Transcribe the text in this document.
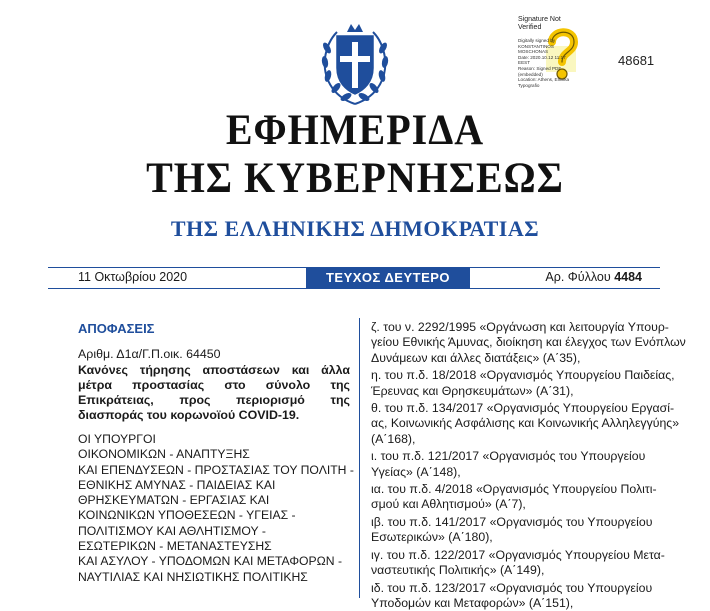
Signature Not
Verified
Digitally signed by
KONSTANTINOS
MOSCHONAS
Date: 2020.10.12 11:17
EEST
Reason: Signed PDF
(embedded)
Location: Athens, Ellinika
Typografio
48681
ΕΦΗΜΕΡΙΔΑ
ΤΗΣ ΚΥΒΕΡΝΗΣΕΩΣ
ΤΗΣ ΕΛΛΗΝΙΚΗΣ ΔΗΜΟΚΡΑΤΙΑΣ
11 Οκτωβρίου 2020	ΤΕΥΧΟΣ ΔΕΥΤΕΡΟ	Αρ. Φύλλου 4484
ΑΠΟΦΑΣΕΙΣ
Αριθμ. Δ1α/Γ.Π.οικ. 64450
Κανόνες τήρησης αποστάσεων και άλλα μέτρα προστασίας στο σύνολο της Επικράτειας, προς περιορισμό της διασποράς του κορωνοϊού COVID-19.
ΟΙ ΥΠΟΥΡΓΟΙ
ΟΙΚΟΝΟΜΙΚΩΝ - ΑΝΑΠΤΥΞΗΣ
ΚΑΙ ΕΠΕΝΔΥΣΕΩΝ - ΠΡΟΣΤΑΣΙΑΣ ΤΟΥ ΠΟΛΙΤΗ -
ΕΘΝΙΚΗΣ ΑΜΥΝΑΣ - ΠΑΙΔΕΙΑΣ ΚΑΙ
ΘΡΗΣΚΕΥΜΑΤΩΝ - ΕΡΓΑΣΙΑΣ ΚΑΙ
ΚΟΙΝΩΝΙΚΩΝ ΥΠΟΘΕΣΕΩΝ - ΥΓΕΙΑΣ -
ΠΟΛΙΤΙΣΜΟΥ ΚΑΙ ΑΘΛΗΤΙΣΜΟΥ -
ΕΣΩΤΕΡΙΚΩΝ - ΜΕΤΑΝΑΣΤΕΥΣΗΣ
ΚΑΙ ΑΣΥΛΟΥ - ΥΠΟΔΟΜΩΝ ΚΑΙ ΜΕΤΑΦΟΡΩΝ -
ΝΑΥΤΙΛΙΑΣ ΚΑΙ ΝΗΣΙΩΤΙΚΗΣ ΠΟΛΙΤΙΚΗΣ
ζ. του ν. 2292/1995 «Οργάνωση και λειτουργία Υπουρ-
γείου Εθνικής Άμυνας, διοίκηση και έλεγχος των Ενόπλων
Δυνάμεων και άλλες διατάξεις» (Α΄35),
η. του π.δ. 18/2018 «Οργανισμός Υπουργείου Παιδείας,
Έρευνας και Θρησκευμάτων» (Α΄31),
θ. του π.δ. 134/2017 «Οργανισμός Υπουργείου Εργασί-
ας, Κοινωνικής Ασφάλισης και Κοινωνικής Αλληλεγγύης»
(Α΄168),
ι. του π.δ. 121/2017 «Οργανισμός του Υπουργείου
Υγείας» (Α΄148),
ια. του π.δ. 4/2018 «Οργανισμός Υπουργείου Πολιτι-
σμού και Αθλητισμού» (Α΄7),
ιβ. του π.δ. 141/2017 «Οργανισμός του Υπουργείου
Εσωτερικών» (Α΄180),
ιγ. του π.δ. 122/2017 «Οργανισμός Υπουργείου Μετα-
ναστευτικής Πολιτικής» (Α΄149),
ιδ. του π.δ. 123/2017 «Οργανισμός του Υπουργείου
Υποδομών και Μεταφορών» (Α΄151),
